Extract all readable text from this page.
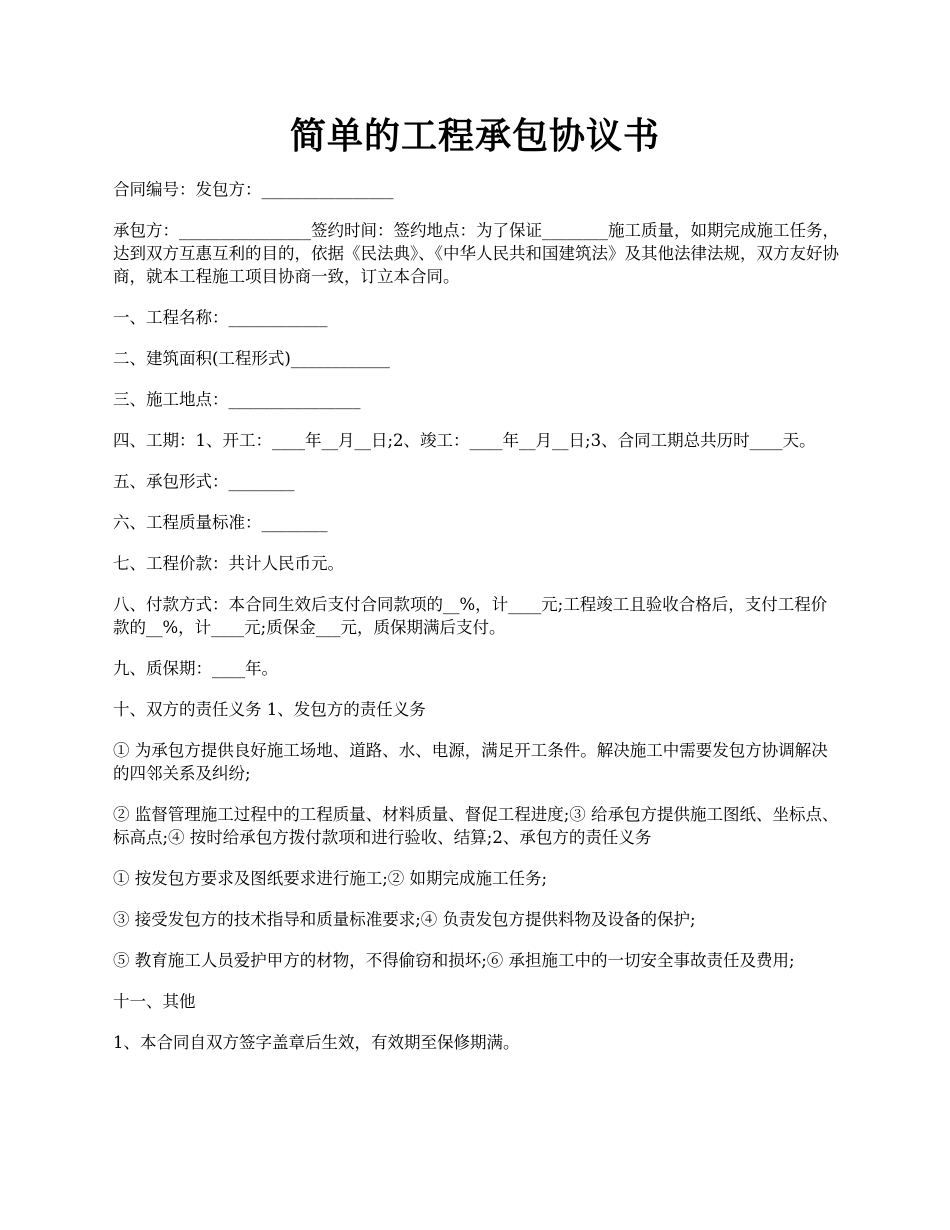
简单的工程承包协议书

合同编号：发包方：________________

承包方：________________签约时间：签约地点：为了保证________施工质量，如期完成施工任务，达到双方互惠互利的目的，依据《民法典》、《中华人民共和国建筑法》及其他法律法规，双方友好协商，就本工程施工项目协商一致，订立本合同。

一、工程名称：____________

二、建筑面积(工程形式)____________

三、施工地点：________________

四、工期：1、开工：____年__月__日;2、竣工：____年__月__日;3、合同工期总共历时____天。

五、承包形式：________

六、工程质量标准：________

七、工程价款：共计人民币元。

八、付款方式：本合同生效后支付合同款项的__%，计____元;工程竣工且验收合格后，支付工程价款的__%，计____元;质保金___元，质保期满后支付。

九、质保期：____年。

十、双方的责任义务 1、发包方的责任义务

① 为承包方提供良好施工场地、道路、水、电源，满足开工条件。解决施工中需要发包方协调解决的四邻关系及纠纷;

② 监督管理施工过程中的工程质量、材料质量、督促工程进度;③ 给承包方提供施工图纸、坐标点、标高点;④ 按时给承包方拨付款项和进行验收、结算;2、承包方的责任义务

① 按发包方要求及图纸要求进行施工;② 如期完成施工任务;

③ 接受发包方的技术指导和质量标准要求;④ 负责发包方提供料物及设备的保护;

⑤ 教育施工人员爱护甲方的材物，不得偷窃和损坏;⑥ 承担施工中的一切安全事故责任及费用;

十一、其他

1、本合同自双方签字盖章后生效，有效期至保修期满。
